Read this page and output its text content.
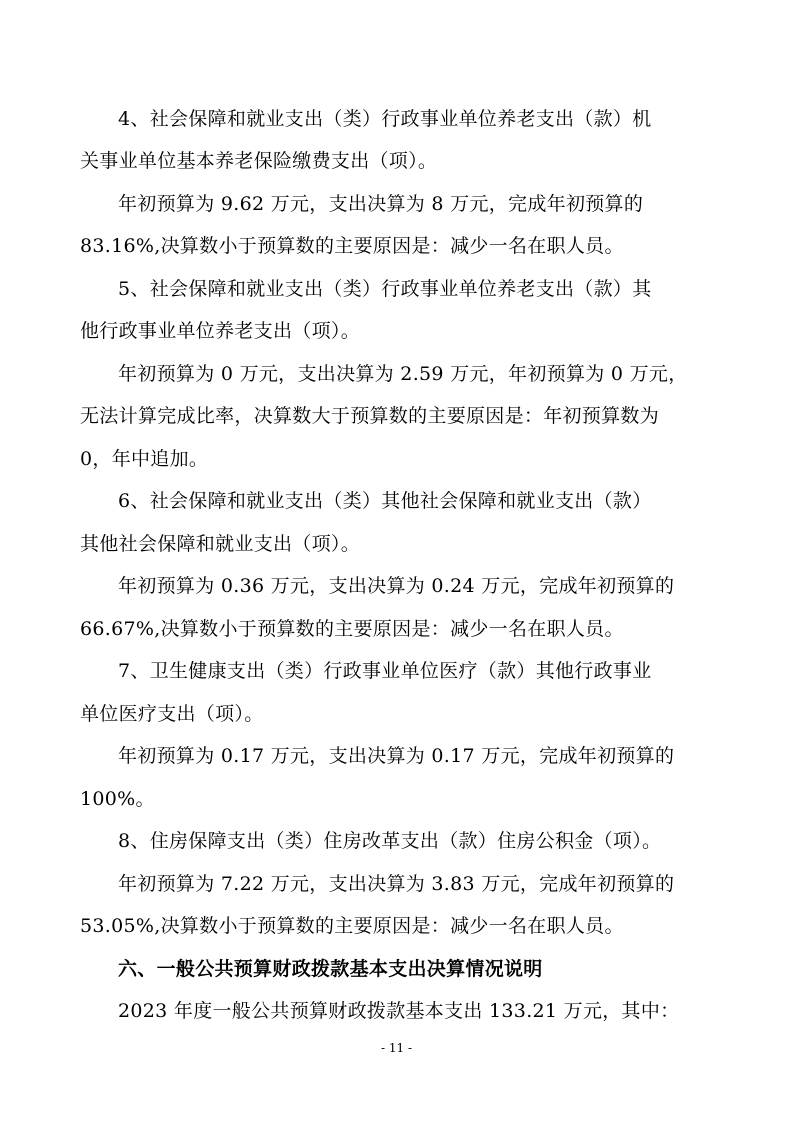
4、社会保障和就业支出（类）行政事业单位养老支出（款）机
关事业单位基本养老保险缴费支出（项）。
年初预算为 9.62 万元，支出决算为 8 万元，完成年初预算的
83.16%,决算数小于预算数的主要原因是：减少一名在职人员。
5、社会保障和就业支出（类）行政事业单位养老支出（款）其
他行政事业单位养老支出（项）。
年初预算为 0 万元，支出决算为 2.59 万元，年初预算为 0 万元，
无法计算完成比率，决算数大于预算数的主要原因是：年初预算数为
0，年中追加。
6、社会保障和就业支出（类）其他社会保障和就业支出（款）
其他社会保障和就业支出（项）。
年初预算为 0.36 万元，支出决算为 0.24 万元，完成年初预算的
66.67%,决算数小于预算数的主要原因是：减少一名在职人员。
7、卫生健康支出（类）行政事业单位医疗（款）其他行政事业
单位医疗支出（项）。
年初预算为 0.17 万元，支出决算为 0.17 万元，完成年初预算的
100%。
8、住房保障支出（类）住房改革支出（款）住房公积金（项）。
年初预算为 7.22 万元，支出决算为 3.83 万元，完成年初预算的
53.05%,决算数小于预算数的主要原因是：减少一名在职人员。
六、一般公共预算财政拨款基本支出决算情况说明
2023 年度一般公共预算财政拨款基本支出 133.21 万元，其中：
- 11 -
